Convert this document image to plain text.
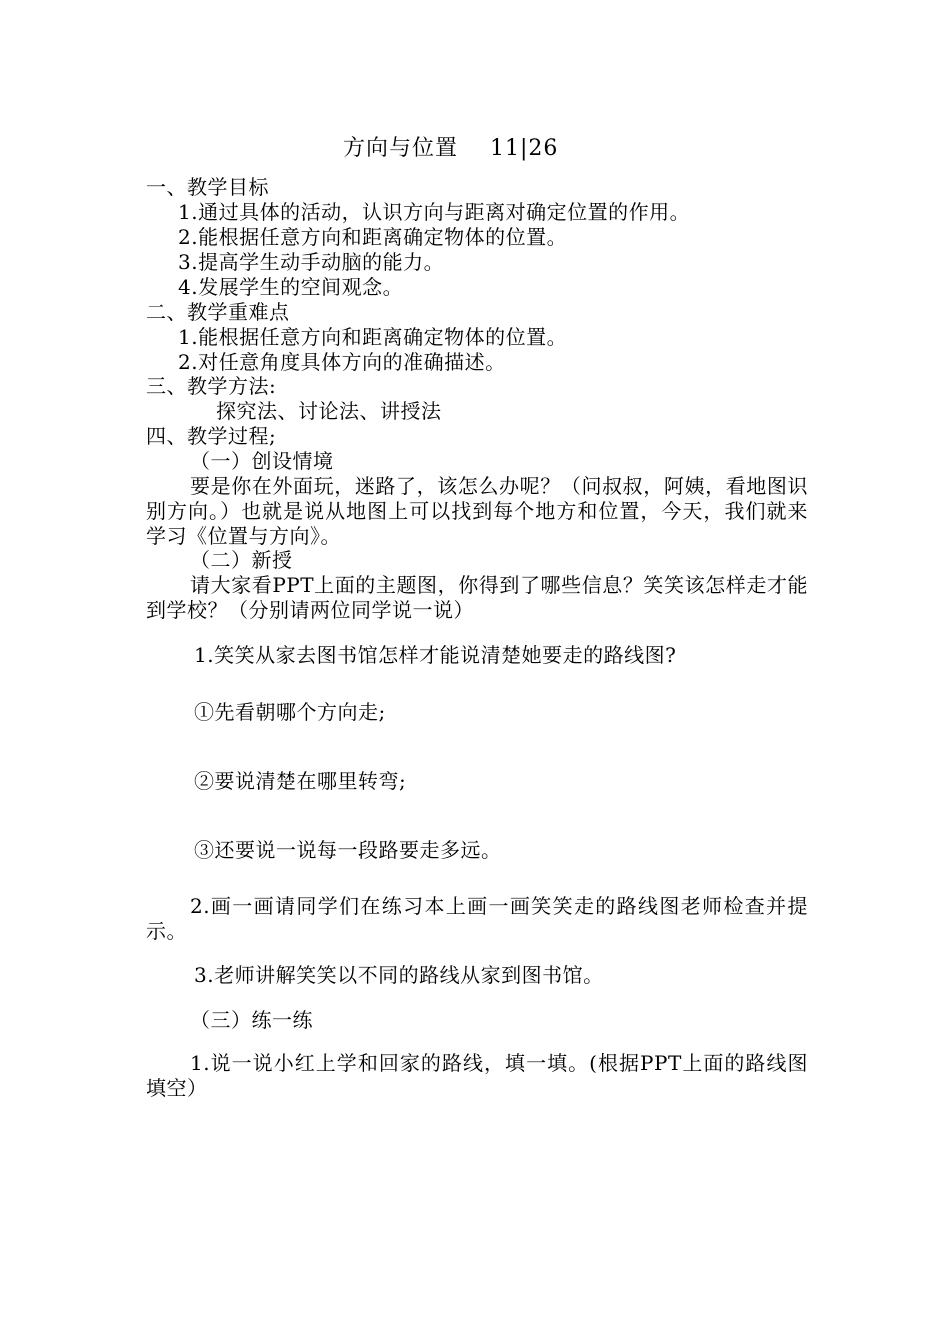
方向与位置    11|26
一、教学目标
1.通过具体的活动，认识方向与距离对确定位置的作用。
2.能根据任意方向和距离确定物体的位置。
3.提高学生动手动脑的能力。
4.发展学生的空间观念。
二、教学重难点
1.能根据任意方向和距离确定物体的位置。
2.对任意角度具体方向的准确描述。
三、教学方法:
探究法、讨论法、讲授法
四、教学过程;
（一）创设情境
要是你在外面玩，迷路了，该怎么办呢？（问叔叔，阿姨，看地图识别方向。）也就是说从地图上可以找到每个地方和位置，今天，我们就来学习《位置与方向》。
（二）新授
请大家看PPT上面的主题图，你得到了哪些信息？笑笑该怎样走才能到学校？（分别请两位同学说一说）
1.笑笑从家去图书馆怎样才能说清楚她要走的路线图?
①先看朝哪个方向走;
②要说清楚在哪里转弯;
③还要说一说每一段路要走多远。
2.画一画请同学们在练习本上画一画笑笑走的路线图老师检查并提示。
3.老师讲解笑笑以不同的路线从家到图书馆。
（三）练一练
1.说一说小红上学和回家的路线，填一填。(根据PPT上面的路线图填空）
